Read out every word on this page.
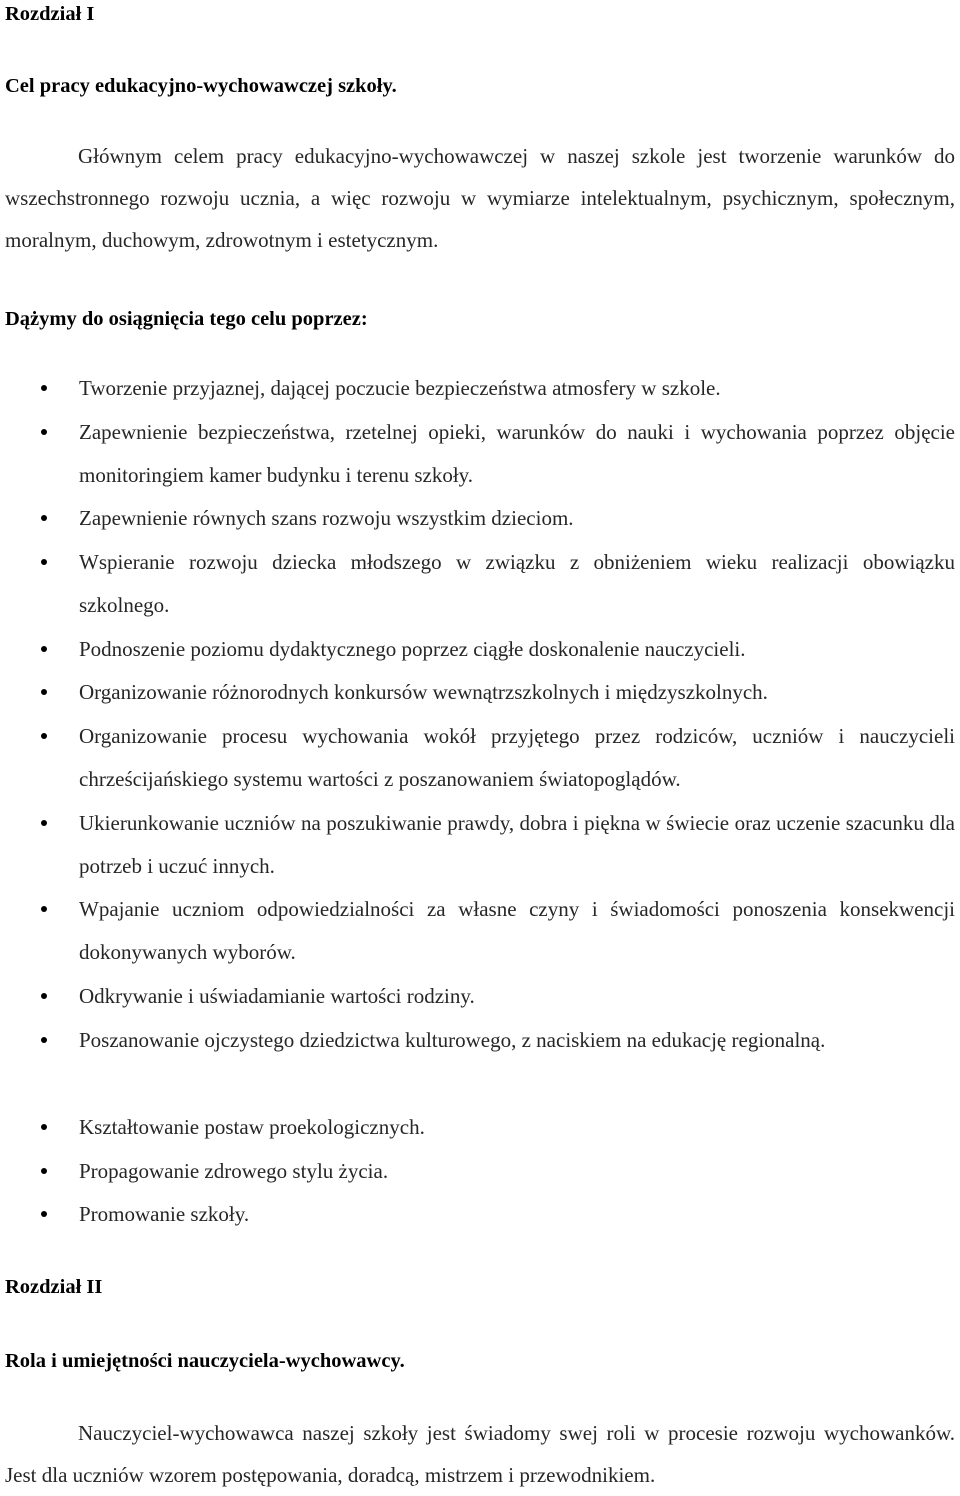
Rozdział I
Cel pracy edukacyjno-wychowawczej szkoły.

Głównym celem pracy edukacyjno-wychowawczej w naszej szkole jest tworzenie warunków do wszechstronnego rozwoju ucznia, a więc rozwoju w wymiarze intelektualnym, psychicznym, społecznym, moralnym, duchowym, zdrowotnym i estetycznym.

Dążymy do osiągnięcia tego celu poprzez:
Tworzenie przyjaznej, dającej poczucie bezpieczeństwa atmosfery w szkole.
Zapewnienie bezpieczeństwa, rzetelnej opieki, warunków do nauki i wychowania poprzez objęcie monitoringiem kamer budynku i terenu szkoły.
Zapewnienie równych szans rozwoju wszystkim dzieciom.
Wspieranie rozwoju dziecka młodszego w związku z obniżeniem wieku realizacji obowiązku szkolnego.
Podnoszenie poziomu dydaktycznego poprzez ciągłe doskonalenie nauczycieli.
Organizowanie różnorodnych konkursów wewnątrzszkolnych i międzyszkolnych.
Organizowanie procesu wychowania wokół przyjętego przez rodziców, uczniów i nauczycieli chrześcijańskiego systemu wartości z poszanowaniem światopoglądów.
Ukierunkowanie uczniów na poszukiwanie prawdy, dobra i piękna w świecie oraz uczenie szacunku dla potrzeb i uczuć innych.
Wpajanie uczniom odpowiedzialności za własne czyny i świadomości ponoszenia konsekwencji dokonywanych wyborów.
Odkrywanie i uświadamianie wartości rodziny.
Poszanowanie ojczystego dziedzictwa kulturowego, z naciskiem na edukację regionalną.
Kształtowanie postaw proekologicznych.
Propagowanie zdrowego stylu życia.
Promowanie szkoły.
Rozdział II
Rola i umiejętności nauczyciela-wychowawcy.

Nauczyciel-wychowawca naszej szkoły jest świadomy swej roli w procesie rozwoju wychowanków. Jest dla uczniów wzorem postępowania, doradcą, mistrzem i przewodnikiem.
